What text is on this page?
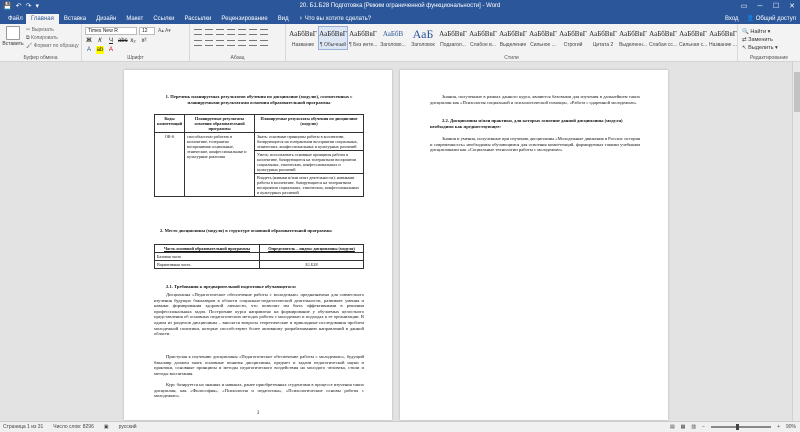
💾 ↶ ↷ ▾	20. Б1.Б28 Подготовка [Режим ограниченной функциональности] - Word	▭	─	☐	✕
Файл	Главная	Вставка	Дизайн	Макет	Ссылки	Рассылки	Рецензирование	Вид	♀ Что вы хотите сделать?	Вход 👤 Общий доступ
Вставить
✂ Вырезать
⧉ Копировать
🖌 Формат по образцу
Буфер обмена
Times New R	12	A▴ A▾
Ж	К	Ч abc x₂ x²
A ab A
Шрифт	Абзац	Стили
АаБбВвГ
Название
АаБбВвГ
¶ Обычный
АаБбВвГ
¶ Без инте...
АаБбВ
Заголово...
АаБ
Заголовок
АаБбВвГ
Подзагол...
АаБбВвГ
Слабое в...
АаБбВвГ
Выделение
АаБбВвГ
Сильное ...
АаБбВвГ
Строгий
АаБбВвГ
Цитата 2
АаБбВвГ
Выделенн...
АаБбВвГ
Слабая сс...
АаБбВвГ
Сильная с...
АаБбВвГ
Название ...
Редактирование
🔍 Найти ▾
⇄ Заменить
↖ Выделить ▾
1. Перечень планируемых результатов обучения по дисциплине (модулю), соотнесенных с планируемыми результатами освоения образовательной программы
Коды компетенций	Планируемые результаты освоения образовательной программы	Планируемые результаты обучения по дисциплине (модулю)
ОК-6	способностью работать в коллективе, толерантно воспринимая социальные, этнические, конфессиональные и культурные различия	Знать: основные принципы работы в коллективе, базирующиеся на толерантном восприятии социальных, этнических, конфессиональных и культурных различий
		Уметь: использовать основные принципы работы в коллективе, базирующиеся на толерантном восприятии социальных, этнических, конфессиональных и культурных различий
		Владеть (навыки и/или опыт деятельности): навыками работы в коллективе, базирующиеся на толерантном восприятии социальных, этнических, конфессиональных и культурных различий
2. Место дисциплины (модуля) в структуре основной образовательной программы
Часть основной образовательной программы	Определитель – индекс дисциплины (модуля)
Базовая часть	
Вариативная часть	Б1.Б28
2.1. Требования к предварительной подготовке обучающегося:
Дисциплина «Педагогическое обеспечение работы с молодежью» предназначена для совместного изучения будущих бакалавров в области социально-педагогической деятельности, развивает умения и навыки формирования здоровой личности, что позволит им быть эффективными в решении профессиональных задач. Построение курса направлено на формирование у обучаемых целостного представления об основных педагогических методах работы с молодежью и подходах к ее организации. В одном из разделов дисциплины – вносятся вопросы теоретические и прикладные исследования проблем молодежной политики, которые способствуют более активному разрабатыванию направлений в данной области.
Приступая к изучению дисциплины «Педагогическое обеспечение работы с молодежью», будущий бакалавр должен знать основные понятия дисциплины, предмет и задачи педагогической науки и практики, основные принципы и методы педагогического воздействия на молодого человека, стили и методы воспитания.
Курс базируется на знаниях и навыках, ранее приобретенных студентами в процессе изучения таких дисциплин, как «Философия», «Психология и педагогика», «Психологические основы работы с молодежью».
3
Знания, полученные в рамках данного курса, являются базовыми для изучения в дальнейшем таких дисциплин как «Психология социальной и психологической помощи», «Работа с одаренной молодежью».
2.2. Дисциплины и/или практики, для которых освоение данной дисциплины (модуля) необходимо как предшествующее:
Знания и умения, полученные при изучении дисциплины «Молодежные движения в России: история и современность» необходимы обучающимся для освоения компетенций, формируемых такими учебными дисциплинами как «Социальные технологии работы с молодежью».
Страница 1 из 31 Число слов: 8296 ▣ русский	▤ ▦ ▥ −	+ 90%
